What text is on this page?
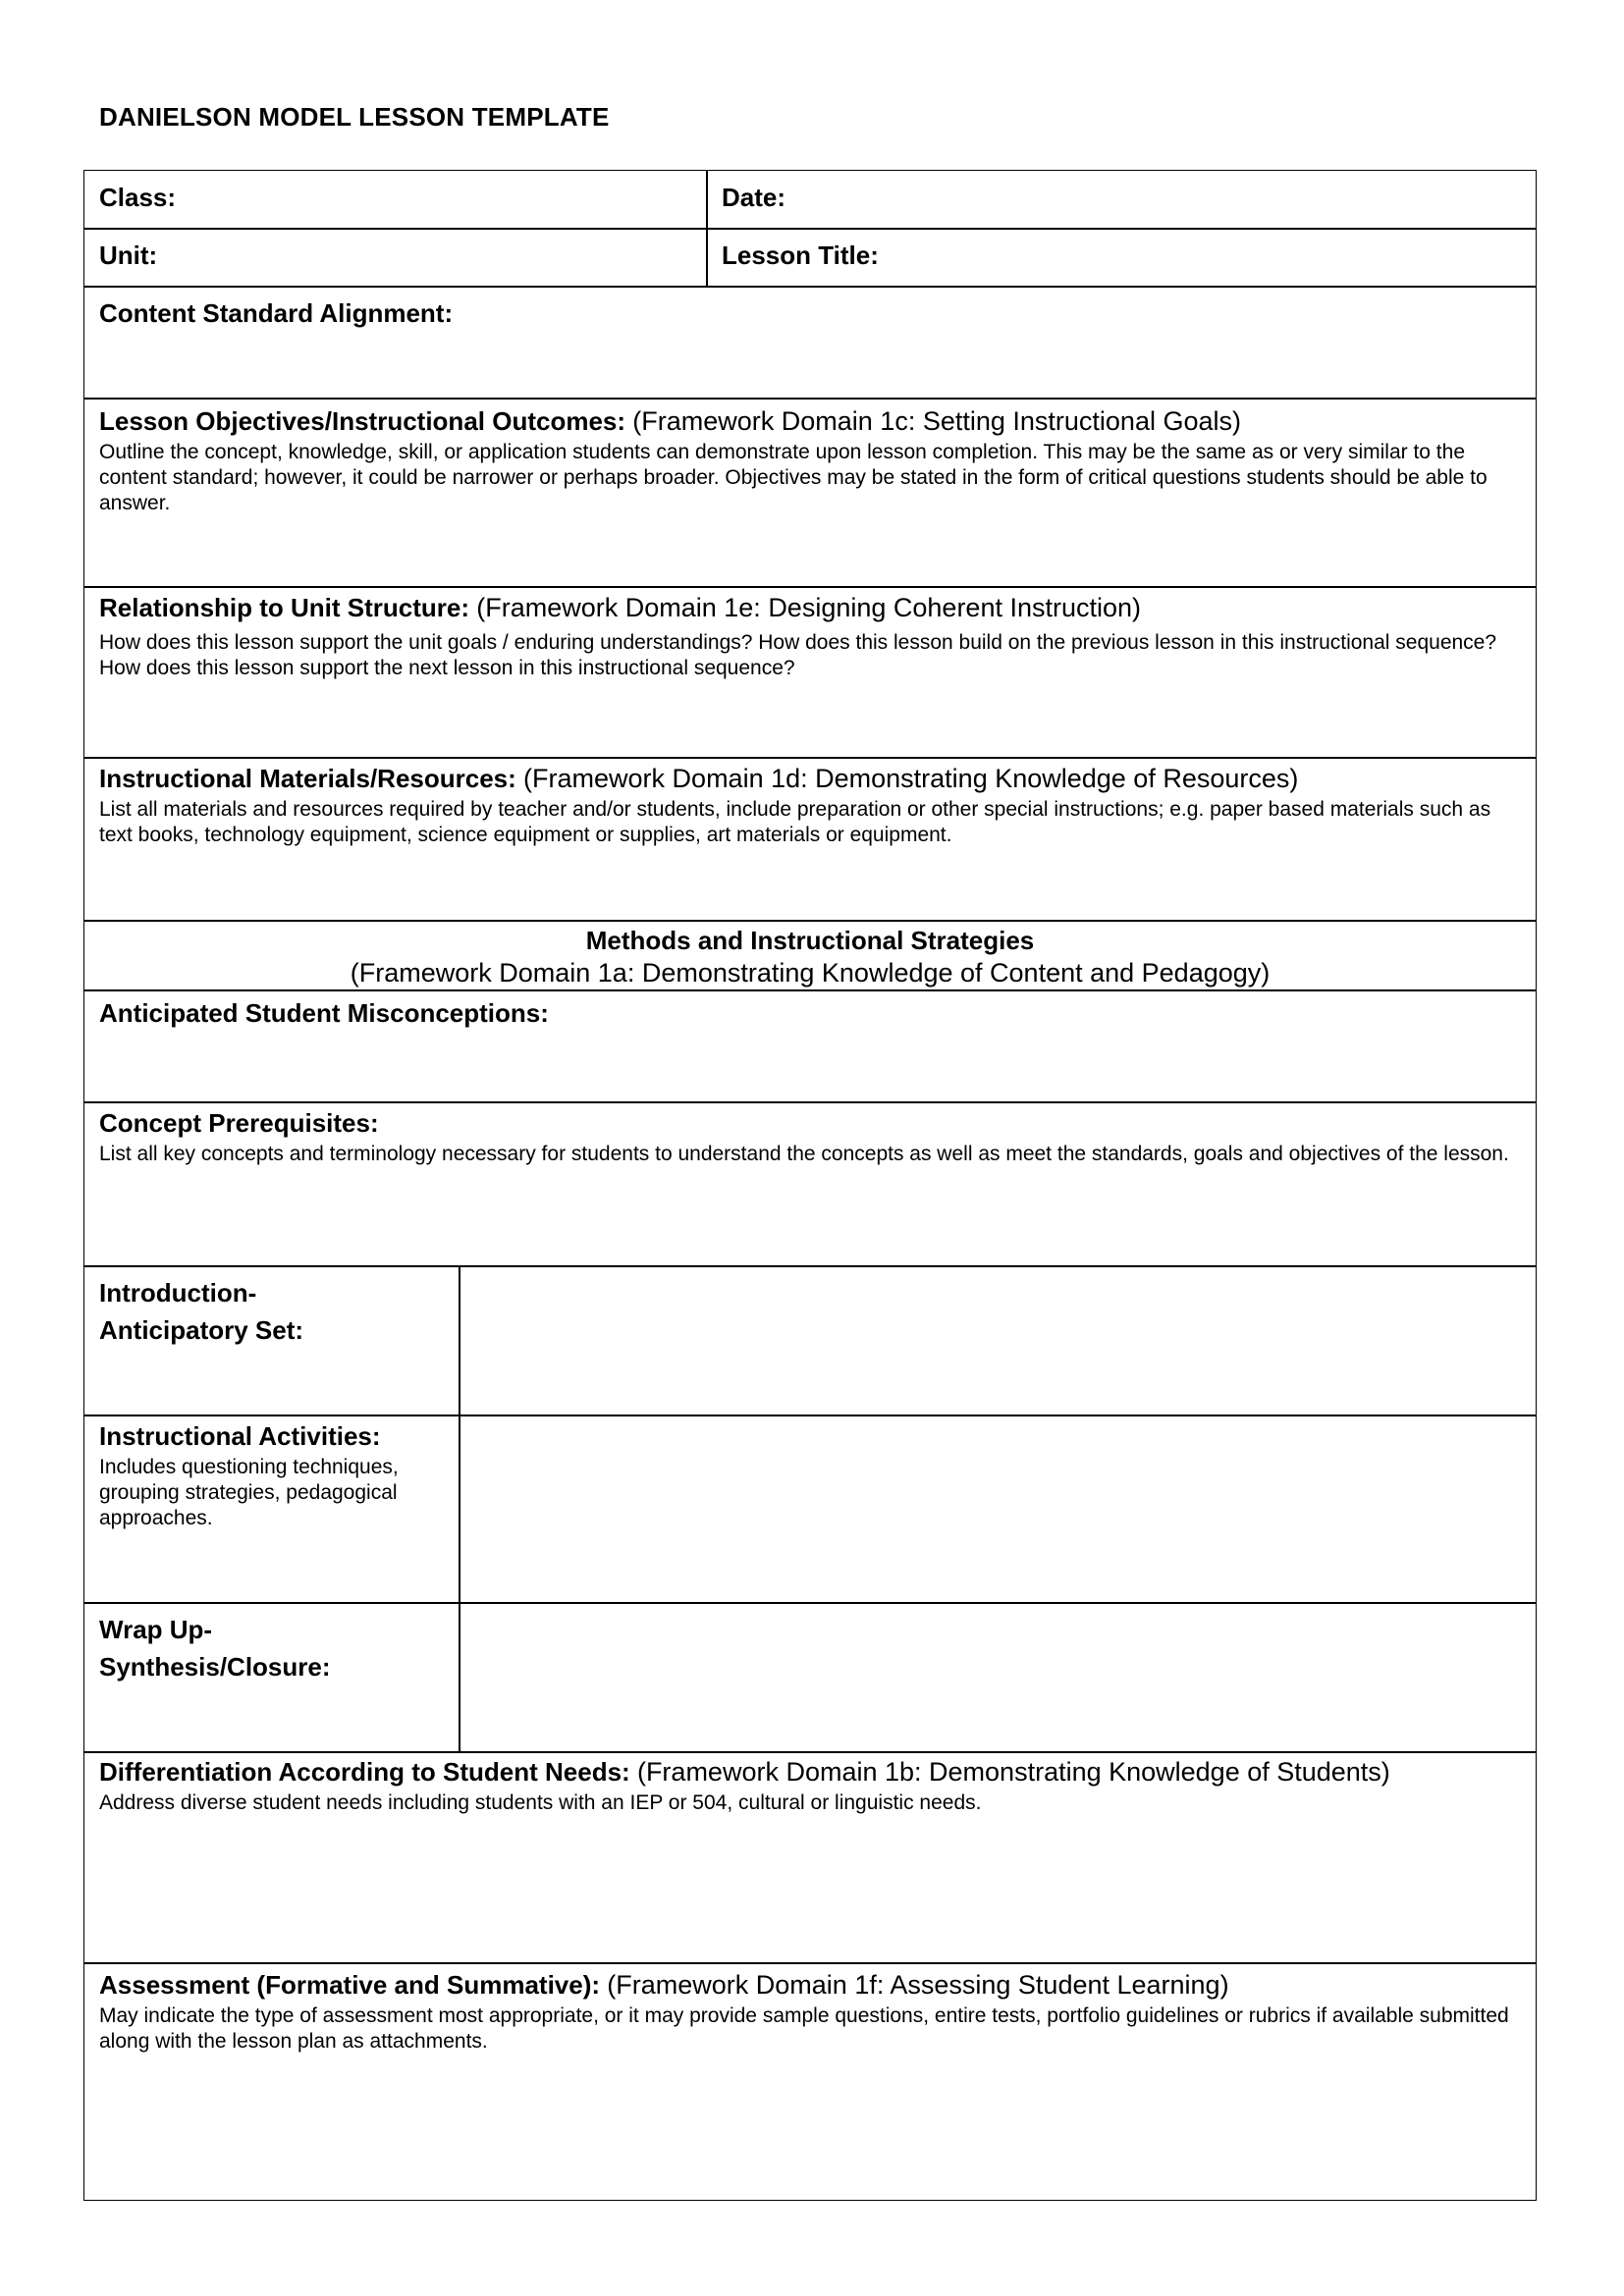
DANIELSON MODEL LESSON TEMPLATE
Class:	Date:
Unit:	Lesson Title:
Content Standard Alignment:
Lesson Objectives/Instructional Outcomes: (Framework Domain 1c: Setting Instructional Goals)
Outline the concept, knowledge, skill, or application students can demonstrate upon lesson completion. This may be the same as or very similar to the content standard; however, it could be narrower or perhaps broader. Objectives may be stated in the form of critical questions students should be able to answer.
Relationship to Unit Structure: (Framework Domain 1e: Designing Coherent Instruction)
How does this lesson support the unit goals / enduring understandings? How does this lesson build on the previous lesson in this instructional sequence? How does this lesson support the next lesson in this instructional sequence?
Instructional Materials/Resources: (Framework Domain 1d: Demonstrating Knowledge of Resources)
List all materials and resources required by teacher and/or students, include preparation or other special instructions; e.g. paper based materials such as text books, technology equipment, science equipment or supplies, art materials or equipment.
Methods and Instructional Strategies
(Framework Domain 1a: Demonstrating Knowledge of Content and Pedagogy)
Anticipated Student Misconceptions:
Concept Prerequisites:
List all key concepts and terminology necessary for students to understand the concepts as well as meet the standards, goals and objectives of the lesson.
Introduction-
Anticipatory Set:
Instructional Activities:
Includes questioning techniques, grouping strategies, pedagogical approaches.
Wrap Up-
Synthesis/Closure:
Differentiation According to Student Needs: (Framework Domain 1b: Demonstrating Knowledge of Students)
Address diverse student needs including students with an IEP or 504, cultural or linguistic needs.
Assessment (Formative and Summative): (Framework Domain 1f: Assessing Student Learning)
May indicate the type of assessment most appropriate, or it may provide sample questions, entire tests, portfolio guidelines or rubrics if available submitted along with the lesson plan as attachments.
